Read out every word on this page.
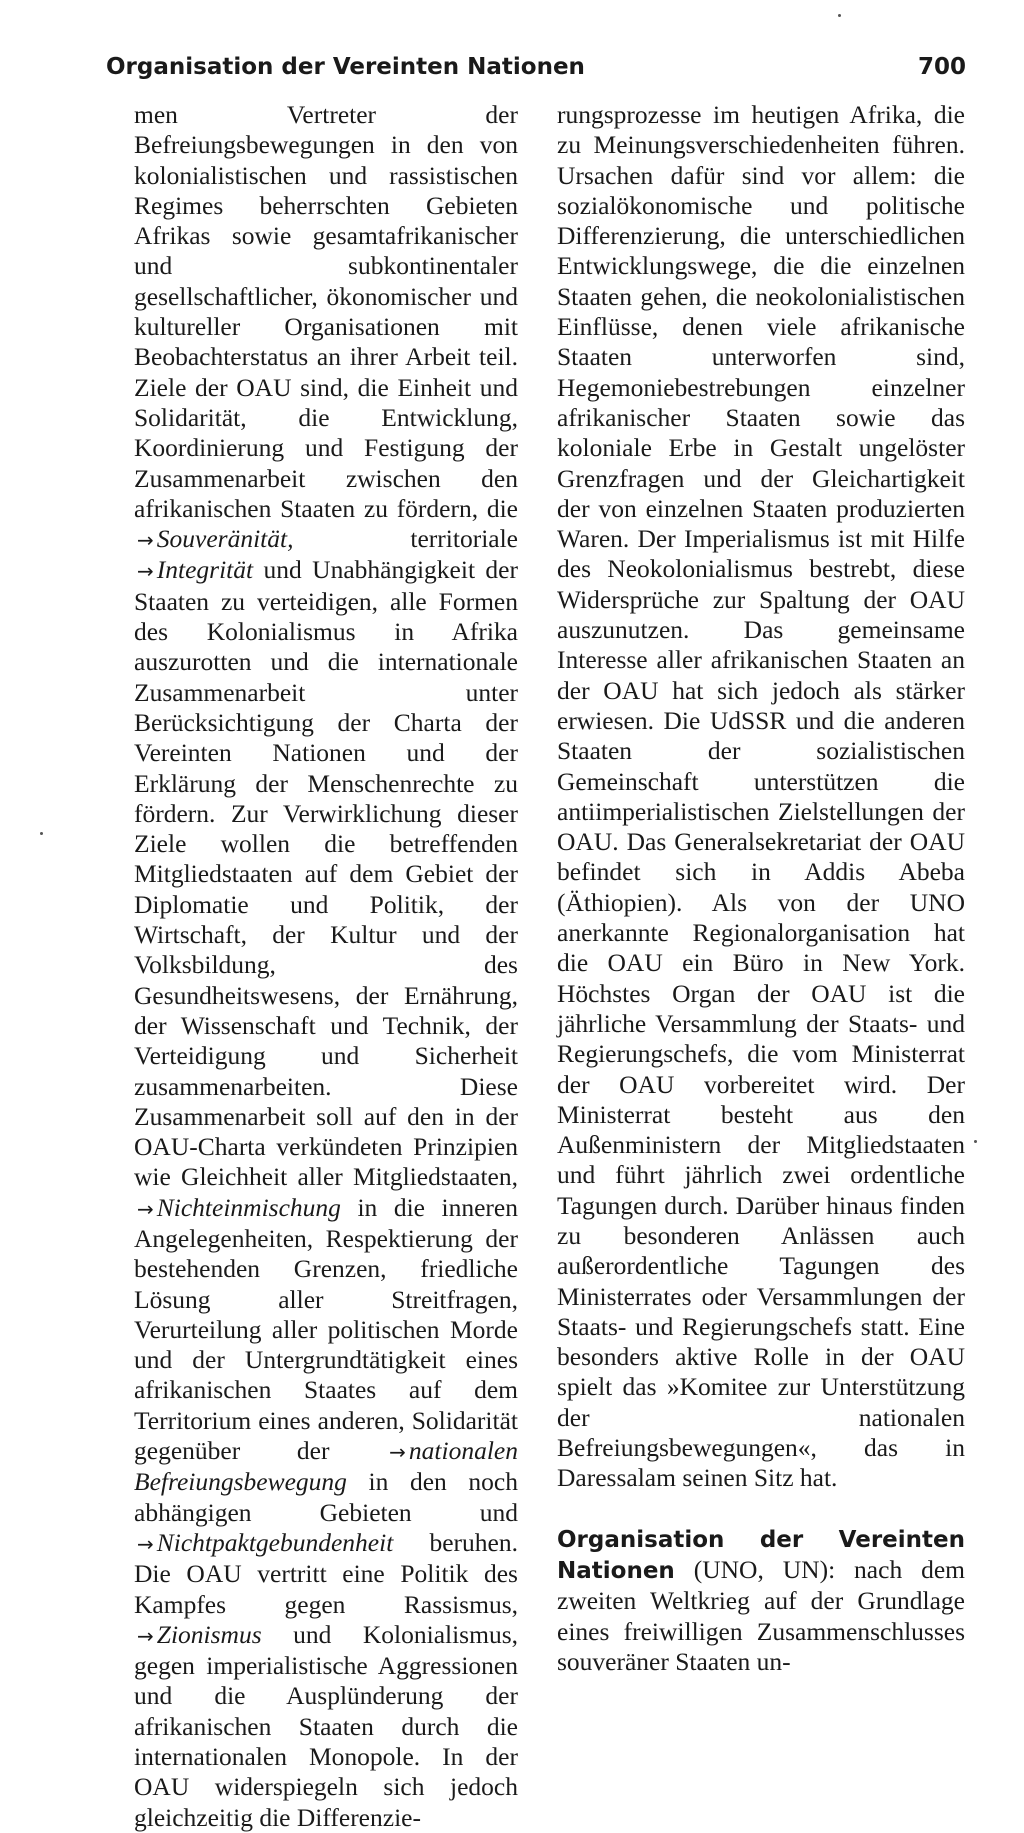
Organisation der Vereinten Nationen	700

men Vertreter der Befreiungsbewegungen in den von kolonialistischen und rassistischen Regimes beherrschten Gebieten Afrikas sowie gesamtafrikanischer und subkontinentaler gesellschaftlicher, ökonomischer und kultureller Organisationen mit Beobachterstatus an ihrer Arbeit teil. Ziele der OAU sind, die Einheit und Solidarität, die Entwicklung, Koordinierung und Festigung der Zusammenarbeit zwischen den afrikanischen Staaten zu fördern, die → Souveränität,	territoriale → Integrität und Unabhängigkeit der Staaten zu verteidigen, alle Formen des Kolonialismus in Afrika auszurotten und die internationale Zusammenarbeit unter Berücksichtigung der Charta der Vereinten Nationen und der Erklärung der Menschenrechte zu fördern. Zur Verwirklichung dieser Ziele wollen die betreffenden Mitgliedstaaten auf dem Gebiet der Diplomatie und Politik, der Wirtschaft, der Kultur und der Volksbildung, des Gesundheitswesens, der Ernährung, der Wissenschaft und Technik, der Verteidigung und Sicherheit zusammenarbeiten. Diese Zusammenarbeit soll auf den in der OAU-Charta verkündeten Prinzipien wie Gleichheit aller Mitgliedstaaten, → Nichteinmischung in die inneren Angelegenheiten, Respektierung der bestehenden Grenzen, friedliche Lösung aller Streitfragen, Verurteilung aller politischen Morde und der Untergrundtätigkeit eines afrikanischen Staates auf dem Territorium eines anderen, Solidarität gegenüber der	→ nationalen Befreiungsbewegung in den noch abhängigen Gebieten und → Nichtpaktgebundenheit beruhen. Die OAU vertritt eine Politik des Kampfes gegen Rassismus, → Zionismus und Kolonialismus, gegen imperialistische Aggressionen und die Ausplünderung der afrikanischen Staaten durch die internationalen Monopole. In der OAU widerspiegeln sich jedoch gleichzeitig die Differenzie-

rungsprozesse im heutigen Afrika, die zu Meinungsverschiedenheiten führen. Ursachen dafür sind vor allem: die sozialökonomische und politische Differenzierung, die unterschiedlichen Entwicklungswege, die die einzelnen Staaten gehen, die neokolonialistischen Einflüsse, denen viele afrikanische Staaten unterworfen sind, Hegemoniebestrebungen einzelner afrikanischer Staaten sowie das koloniale Erbe in Gestalt ungelöster Grenzfragen und der Gleichartigkeit der von einzelnen Staaten produzierten Waren. Der Imperialismus ist mit Hilfe des Neokolonialismus bestrebt, diese Widersprüche zur Spaltung der OAU auszunutzen. Das gemeinsame Interesse aller afrikanischen Staaten an der OAU hat sich jedoch als stärker erwiesen. Die UdSSR und die anderen Staaten der sozialistischen Gemeinschaft unterstützen die antiimperialistischen Zielstellungen der OAU. Das Generalsekretariat der OAU befindet sich in Addis Abeba (Äthiopien). Als von der UNO anerkannte Regionalorganisation hat die OAU ein Büro in New York. Höchstes Organ der OAU ist die jährliche Versammlung der Staats- und Regierungschefs, die vom Ministerrat der OAU vorbereitet wird. Der Ministerrat besteht aus den Außenministern der Mitgliedstaaten und führt jährlich zwei ordentliche Tagungen durch. Darüber hinaus finden zu besonderen Anlässen auch außerordentliche Tagungen des Ministerrates oder Versammlungen der Staats- und Regierungschefs statt. Eine besonders aktive Rolle in der OAU spielt das »Komitee zur Unterstützung der nationalen Befreiungsbewegungen«, das in Daressalam seinen Sitz hat.

Organisation der Vereinten Nationen (UNO, UN): nach dem zweiten Weltkrieg auf der Grundlage eines freiwilligen Zusammenschlusses souveräner Staaten un-
